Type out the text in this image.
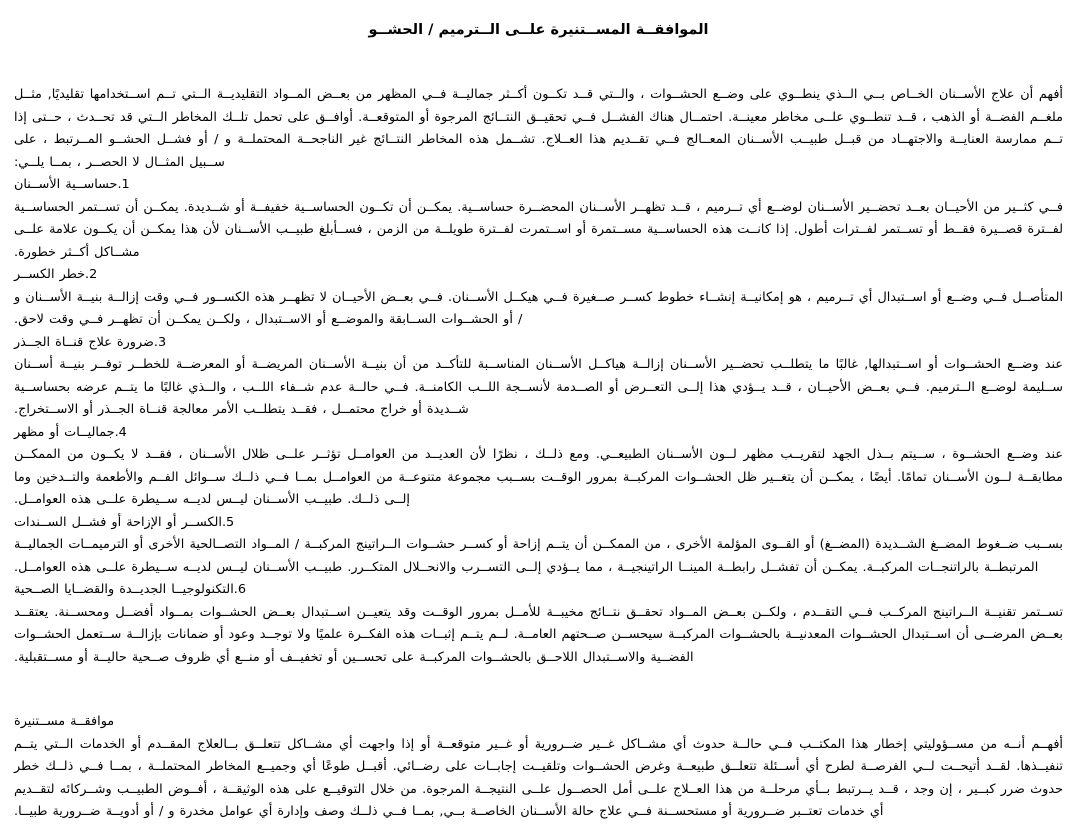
الموافقــة المســتنيرة علــى الــترميم / الحشــو

أفهم أن علاج الأســنان الخــاص بــي الــذي ينطــوي على وضــع الحشــوات ، والــتي قــد تكــون أكــثر جماليــة فــي المظهر من بعــض المــواد التقليديــة الــتي تــم اســتخدامها تقليديًا, مثــل ملغــم الفضــة أو الذهب ، قــد تنطــوي علــى مخاطر معينــة. احتمــال هناك الفشــل فــي تحقيــق النتــائج المرجوة أو المتوقعــة. أوافــق على تحمل تلــك المخاطر الــتي قد تحــدث ، حــتى إذا تــم ممارسة العنايــة والاجتهــاد من قبــل طبيــب الأســنان المعــالج فــي تقــديم هذا العــلاج. تشــمل هذه المخاطر النتــائج غير الناجحــة المحتملــة و / أو فشــل الحشــو المــرتبط ، على ســبيل المثــال لا الحصــر ، بمــا يلــي:

1.حساســية الأســنان

فــي كثــير من الأحيــان بعــد تحضــير الأســنان لوضــع أي تــرميم ، قــد تظهــر الأســنان المحضــرة حساســية. يمكــن أن تكــون الحساســية خفيفــة أو شــديدة. يمكــن أن تســتمر الحساســية لفــترة قصــيرة فقــط أو تســتمر لفــترات أطول. إذا كانــت هذه الحساســية مســتمرة أو اســتمرت لفــترة طويلــة من الزمن ، فســأبلغ طبيــب الأســنان لأن هذا يمكــن أن يكــون علامة علــى مشــاكل أكــثر خطورة.

2.خطر الكســر

المتأصــل فــي وضــع أو اســتبدال أي تــرميم ، هو إمكانيــة إنشــاء خطوط كســر صــغيرة فــي هيكــل الأســنان. فــي بعــض الأحيــان لا تظهــر هذه الكســور فــي وقت إزالــة بنيــة الأســنان و / أو الحشــوات الســابقة والموضــع أو الاســتبدال ، ولكــن يمكــن أن تظهــر فــي وقت لاحق.

3.ضرورة علاج قنــاة الجــذر

عند وضــع الحشــوات أو اســتبدالها, غالبًا ما يتطلــب تحضــير الأســنان إزالــة هياكــل الأســنان المناســبة للتأكــد من أن بنيــة الأســنان المريضــة أو المعرضــة للخطــر توفــر بنيــة أســنان ســليمة لوضــع الــترميم. فــي بعــض الأحيــان ، قــد يــؤدي هذا إلــى التعــرض أو الصــدمة لأنســجة اللــب الكامنــة. فــي حالــة عدم شــفاء اللــب ، والــذي غالبًا ما يتــم عرضه بحساســية شــديدة أو خراج محتمــل ، فقــد يتطلــب الأمر معالجة قنــاة الجــذر أو الاســتخراج.

4.جماليــات أو مظهر

عند وضــع الحشــوة ، ســيتم بــذل الجهد لتقريــب مظهر لــون الأســنان الطبيعــي. ومع ذلــك ، نظرًا لأن العديــد من العوامــل تؤثــر علــى ظلال الأســنان ، فقــد لا يكــون من الممكــن مطابقــة لــون الأســنان تمامًا. أيضًا ، يمكــن أن يتغــير ظل الحشــوات المركبــة بمرور الوقــت بســبب مجموعة متنوعــة من العوامــل بمــا فــي ذلــك ســوائل الفــم والأطعمة والتــدخين وما إلــى ذلــك. طبيــب الأســنان ليــس لديــه ســيطرة علــى هذه العوامــل.

5.الكســر أو الإزاحة أو فشــل الســندات

بســبب ضــغوط المضــغ الشــديدة (المضــغ) أو القــوى المؤلمة الأخرى ، من الممكــن أن يتــم إزاحة أو كســر حشــوات الــراتينج المركبــة / المــواد التصــالحية الأخرى أو الترميمــات الجماليــة المرتبطــة بالراتنجــات المركبــة. يمكــن أن تفشــل رابطــة المينــا الراتينجيــة ، مما يــؤدي إلــى التســرب والانحــلال المتكــرر. طبيــب الأســنان ليــس لديــه ســيطرة علــى هذه العوامــل.

6.التكنولوجيــا الجديــدة والقضــايا الصــحية

تســتمر تقنيــة الــراتينج المركــب فــي التقــدم ، ولكــن بعــض المــواد تحقــق نتــائج مخيبــة للأمــل بمرور الوقــت وقد يتعيــن اســتبدال بعــض الحشــوات بمــواد أفضــل ومحســنة. يعتقــد بعــض المرضــى أن اســتبدال الحشــوات المعدنيــة بالحشــوات المركبــة سيحســن صــحتهم العامــة. لــم يتــم إثبــات هذه الفكــرة علميًا ولا توجــد وعود أو ضمانات بإزالــة ســتعمل الحشــوات الفضــية والاســتبدال اللاحــق بالحشــوات المركبــة على تحســين أو تخفيــف أو منــع أي ظروف صــحية حاليــة أو مســتقبلية.

موافقــة مســتنيرة

أفهــم أنــه من مســؤوليتي إخطار هذا المكتــب فــي حالــة حدوث أي مشــاكل غــير ضــرورية أو غــير متوقعــة أو إذا واجهت أي مشــاكل تتعلــق بــالعلاج المقــدم أو الخدمات الــتي يتــم تنفيــذها. لقــد أتيحــت لــي الفرصــة لطرح أي أســئلة تتعلــق طبيعــة وغرض الحشــوات وتلقيــت إجابــات على رضــائي. أقبــل طوعًا أي وجميــع المخاطر المحتملــة ، بمــا فــي ذلــك خطر حدوث ضرر كبــير ، إن وجد ، قــد يــرتبط بــأي مرحلــة من هذا العــلاج علــى أمل الحصــول علــى النتيجــة المرجوة. من خلال التوقيــع على هذه الوثيقــة ، أفــوض الطبيــب وشــركائه لتقــديم أي خدمات تعتــبر ضــرورية أو مستحســنة فــي علاج حالة الأســنان الخاصــة بــي, بمــا فــي ذلــك وصف وإدارة أي عوامل مخدرة و / أو أدويــة ضــرورية طبيــا.
